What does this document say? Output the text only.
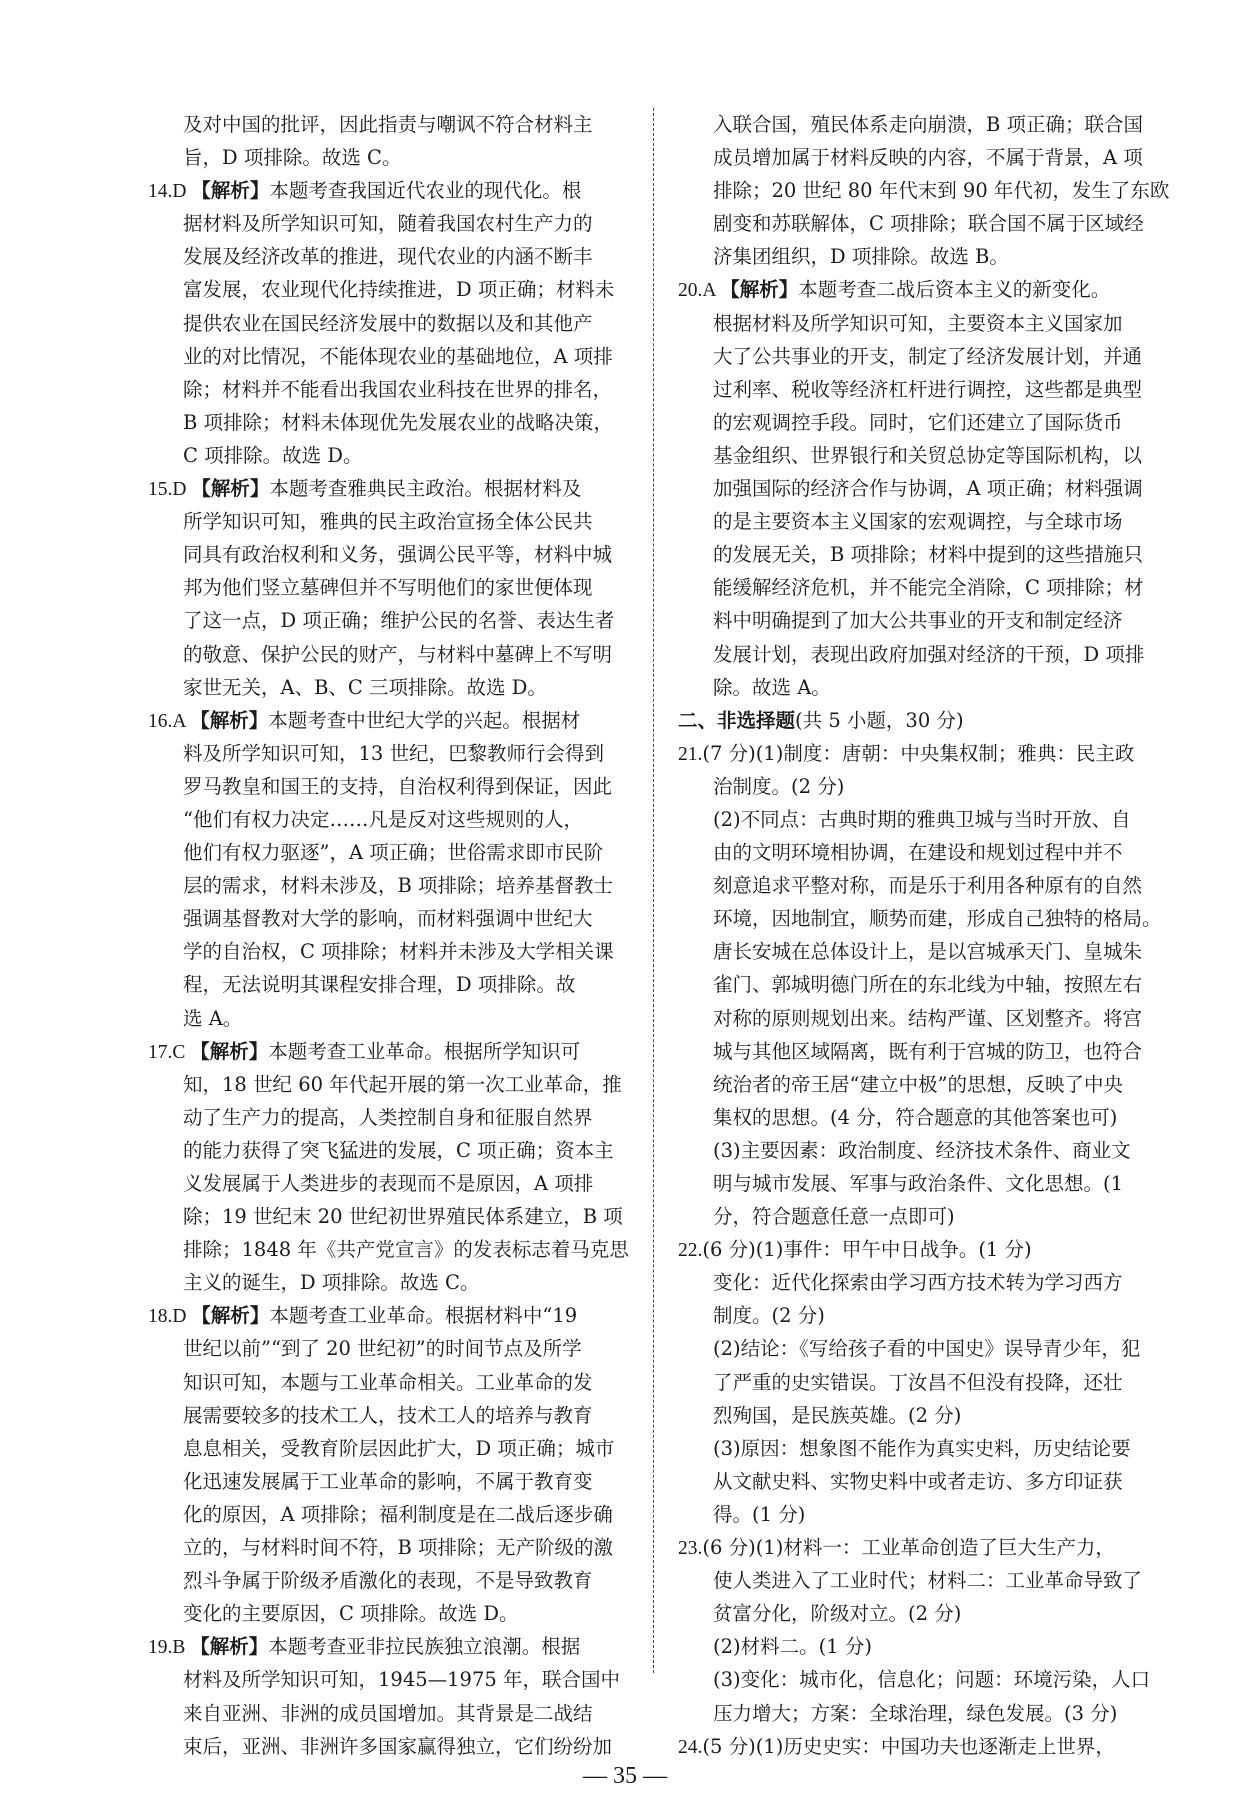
及对中国的批评，因此指责与嘲讽不符合材料主
旨，D 项排除。故选 C。
14.D 【解析】本题考查我国近代农业的现代化。根
据材料及所学知识可知，随着我国农村生产力的
发展及经济改革的推进，现代农业的内涵不断丰
富发展，农业现代化持续推进，D 项正确；材料未
提供农业在国民经济发展中的数据以及和其他产
业的对比情况，不能体现农业的基础地位，A 项排
除；材料并不能看出我国农业科技在世界的排名，
B 项排除；材料未体现优先发展农业的战略决策，
C 项排除。故选 D。
15.D 【解析】本题考查雅典民主政治。根据材料及
所学知识可知，雅典的民主政治宣扬全体公民共
同具有政治权利和义务，强调公民平等，材料中城
邦为他们竖立墓碑但并不写明他们的家世便体现
了这一点，D 项正确；维护公民的名誉、表达生者
的敬意、保护公民的财产，与材料中墓碑上不写明
家世无关，A、B、C 三项排除。故选 D。
16.A 【解析】本题考查中世纪大学的兴起。根据材
料及所学知识可知，13 世纪，巴黎教师行会得到
罗马教皇和国王的支持，自治权利得到保证，因此
“他们有权力决定……凡是反对这些规则的人，
他们有权力驱逐”，A 项正确；世俗需求即市民阶
层的需求，材料未涉及，B 项排除；培养基督教士
强调基督教对大学的影响，而材料强调中世纪大
学的自治权，C 项排除；材料并未涉及大学相关课
程，无法说明其课程安排合理，D 项排除。故
选 A。
17.C 【解析】本题考查工业革命。根据所学知识可
知，18 世纪 60 年代起开展的第一次工业革命，推
动了生产力的提高，人类控制自身和征服自然界
的能力获得了突飞猛进的发展，C 项正确；资本主
义发展属于人类进步的表现而不是原因，A 项排
除；19 世纪末 20 世纪初世界殖民体系建立，B 项
排除；1848 年《共产党宣言》的发表标志着马克思
主义的诞生，D 项排除。故选 C。
18.D 【解析】本题考查工业革命。根据材料中“19
世纪以前”“到了 20 世纪初”的时间节点及所学
知识可知，本题与工业革命相关。工业革命的发
展需要较多的技术工人，技术工人的培养与教育
息息相关，受教育阶层因此扩大，D 项正确；城市
化迅速发展属于工业革命的影响，不属于教育变
化的原因，A 项排除；福利制度是在二战后逐步确
立的，与材料时间不符，B 项排除；无产阶级的激
烈斗争属于阶级矛盾激化的表现，不是导致教育
变化的主要原因，C 项排除。故选 D。
19.B 【解析】本题考查亚非拉民族独立浪潮。根据
材料及所学知识可知，1945—1975 年，联合国中
来自亚洲、非洲的成员国增加。其背景是二战结
束后，亚洲、非洲许多国家赢得独立，它们纷纷加
入联合国，殖民体系走向崩溃，B 项正确；联合国
成员增加属于材料反映的内容，不属于背景，A 项
排除；20 世纪 80 年代末到 90 年代初，发生了东欧
剧变和苏联解体，C 项排除；联合国不属于区域经
济集团组织，D 项排除。故选 B。
20.A 【解析】本题考查二战后资本主义的新变化。
根据材料及所学知识可知，主要资本主义国家加
大了公共事业的开支，制定了经济发展计划，并通
过利率、税收等经济杠杆进行调控，这些都是典型
的宏观调控手段。同时，它们还建立了国际货币
基金组织、世界银行和关贸总协定等国际机构，以
加强国际的经济合作与协调，A 项正确；材料强调
的是主要资本主义国家的宏观调控，与全球市场
的发展无关，B 项排除；材料中提到的这些措施只
能缓解经济危机，并不能完全消除，C 项排除；材
料中明确提到了加大公共事业的开支和制定经济
发展计划，表现出政府加强对经济的干预，D 项排
除。故选 A。
二、非选择题(共 5 小题，30 分)
21.(7 分)(1)制度：唐朝：中央集权制；雅典：民主政
治制度。(2 分)
(2)不同点：古典时期的雅典卫城与当时开放、自
由的文明环境相协调，在建设和规划过程中并不
刻意追求平整对称，而是乐于利用各种原有的自然
环境，因地制宜，顺势而建，形成自己独特的格局。
唐长安城在总体设计上，是以宫城承天门、皇城朱
雀门、郭城明德门所在的东北线为中轴，按照左右
对称的原则规划出来。结构严谨、区划整齐。将宫
城与其他区域隔离，既有利于宫城的防卫，也符合
统治者的帝王居“建立中极”的思想，反映了中央
集权的思想。(4 分，符合题意的其他答案也可)
(3)主要因素：政治制度、经济技术条件、商业文
明与城市发展、军事与政治条件、文化思想。(1
分，符合题意任意一点即可)
22.(6 分)(1)事件：甲午中日战争。(1 分)
变化：近代化探索由学习西方技术转为学习西方
制度。(2 分)
(2)结论：《写给孩子看的中国史》误导青少年，犯
了严重的史实错误。丁汝昌不但没有投降，还壮
烈殉国，是民族英雄。(2 分)
(3)原因：想象图不能作为真实史料，历史结论要
从文献史料、实物史料中或者走访、多方印证获
得。(1 分)
23.(6 分)(1)材料一：工业革命创造了巨大生产力，
使人类进入了工业时代；材料二：工业革命导致了
贫富分化，阶级对立。(2 分)
(2)材料二。(1 分)
(3)变化：城市化，信息化；问题：环境污染，人口
压力增大；方案：全球治理，绿色发展。(3 分)
24.(5 分)(1)历史史实：中国功夫也逐渐走上世界，

— 35 —
